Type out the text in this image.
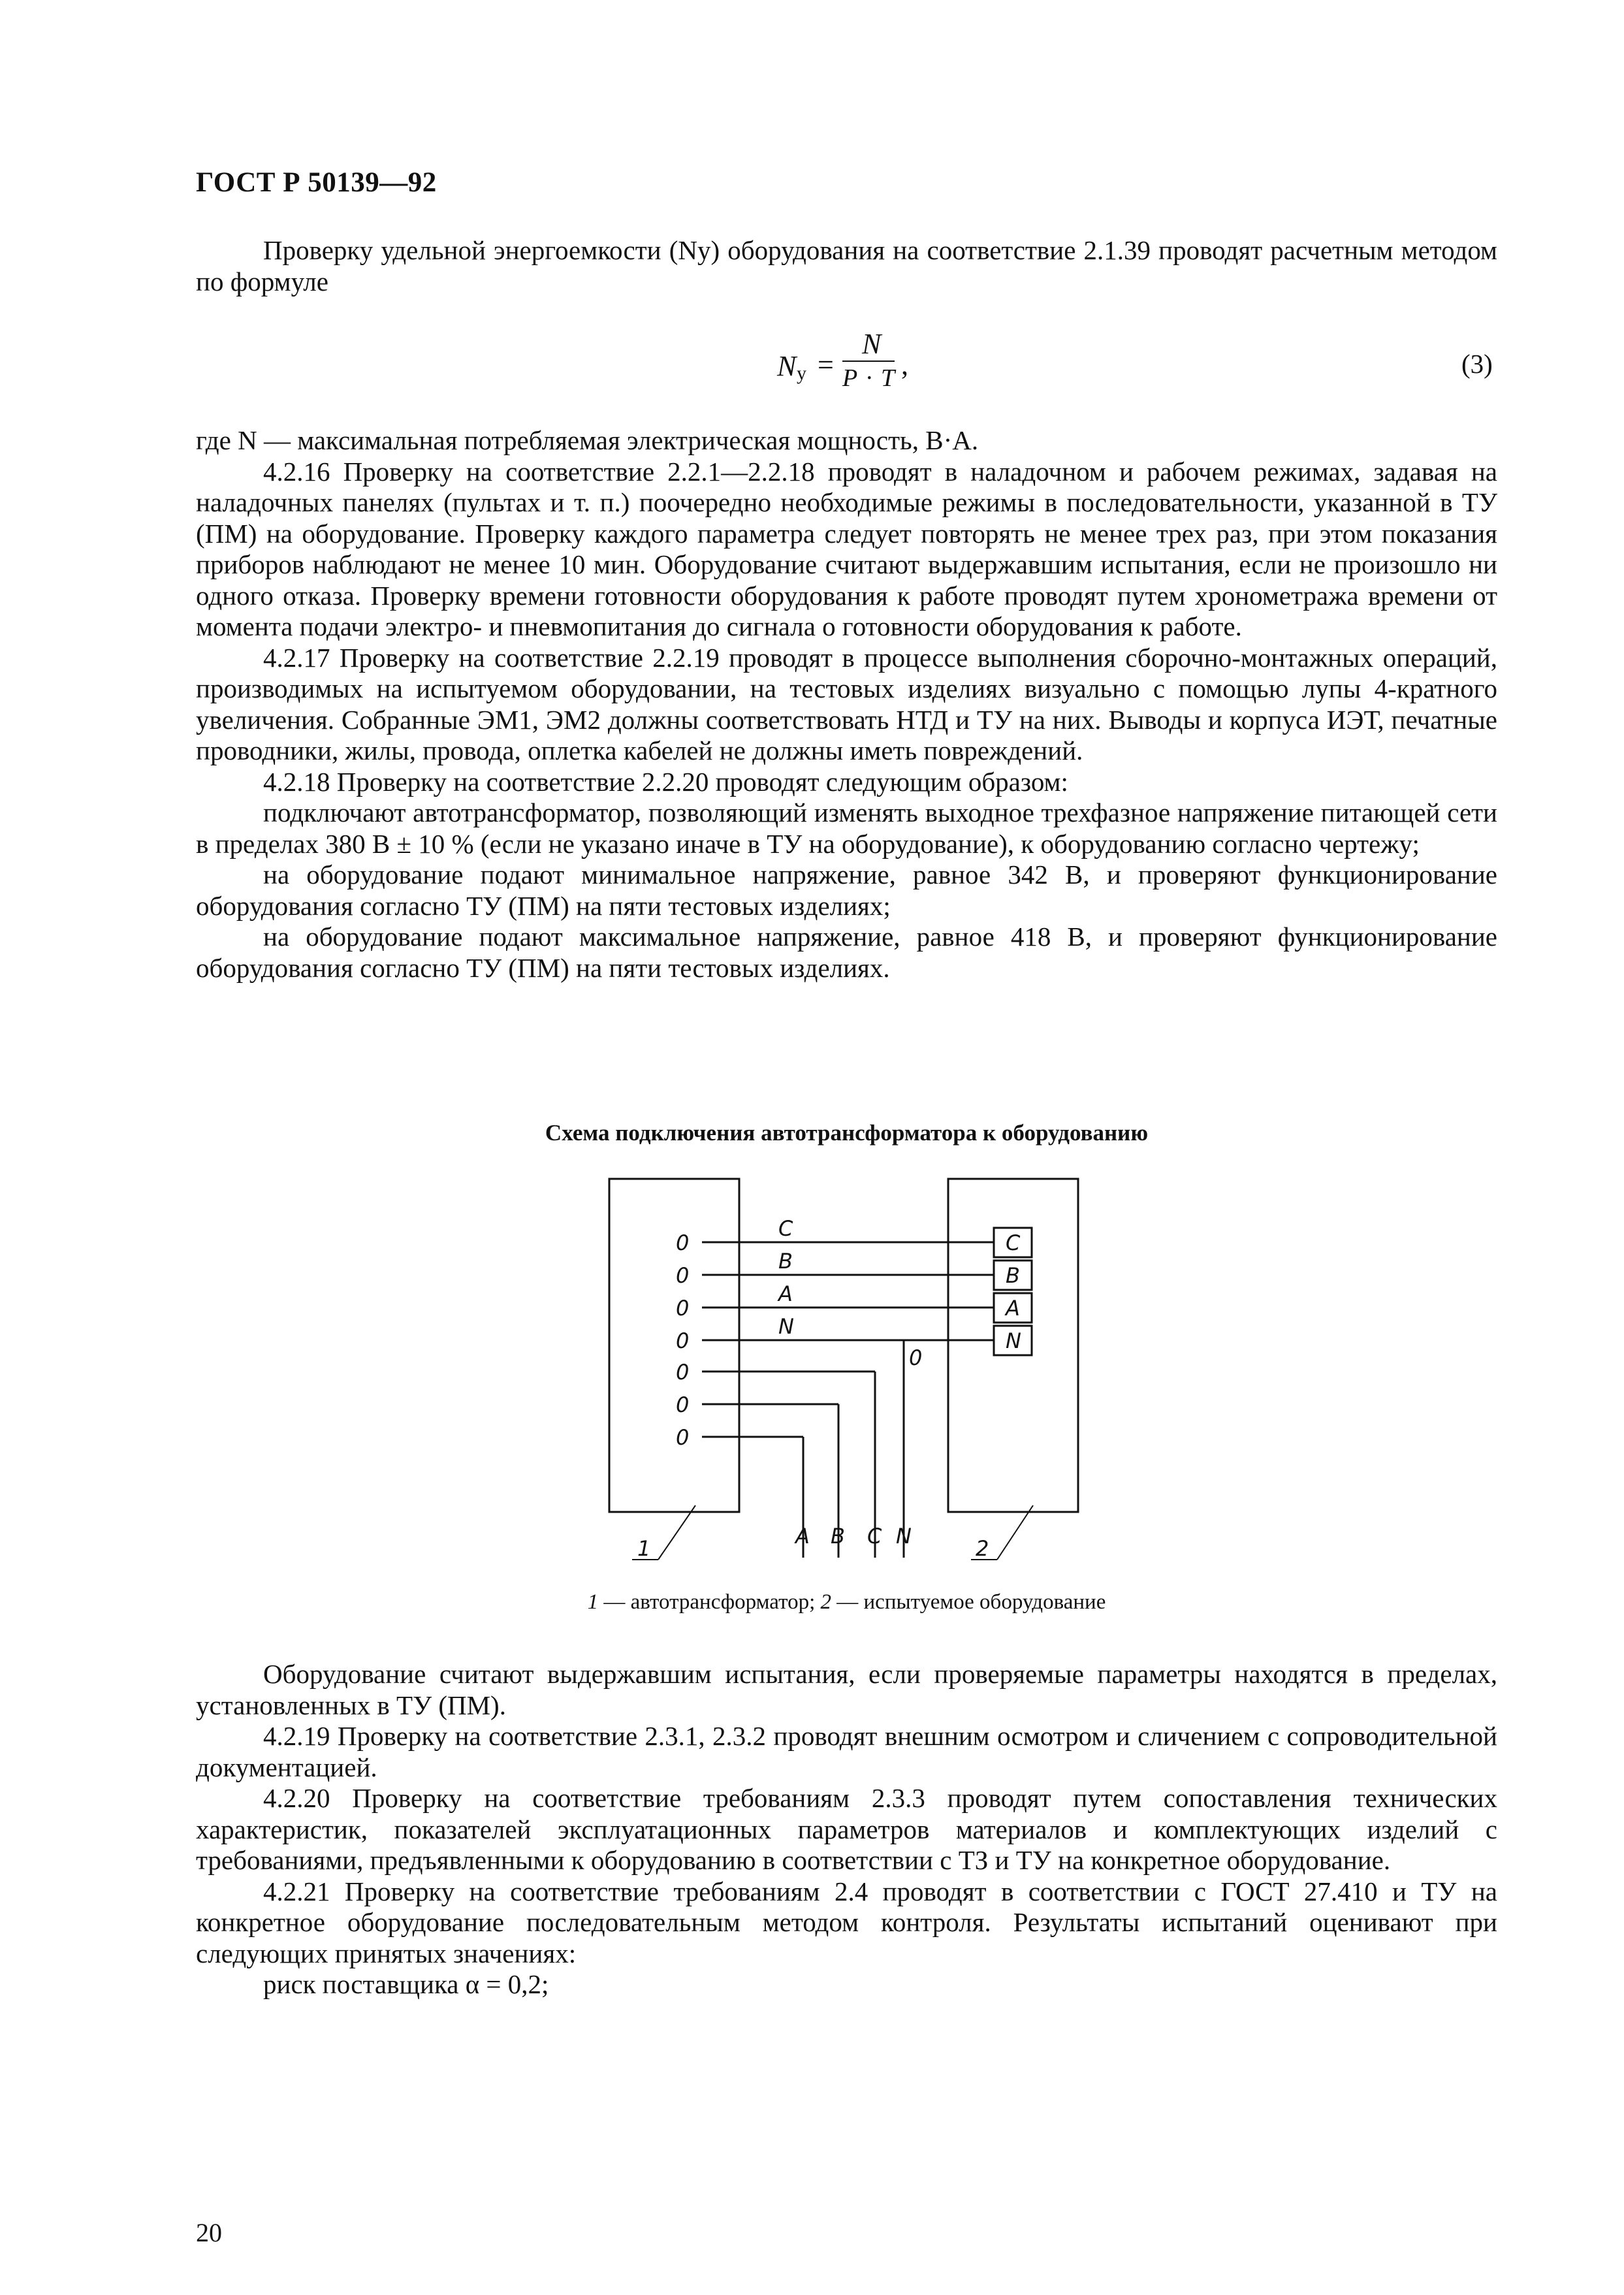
ГОСТ Р 50139—92

Проверку удельной энергоемкости (Nу) оборудования на соответствие 2.1.39 проводят расчетным методом по формуле

N у =
N
P · T ,	(3)

где N — максимальная потребляемая электрическая мощность, В·А.

4.2.16 Проверку на соответствие 2.2.1—2.2.18 проводят в наладочном и рабочем режимах, задавая на наладочных панелях (пультах и т. п.) поочередно необходимые режимы в последовательности, указанной в ТУ (ПМ) на оборудование. Проверку каждого параметра следует повторять не менее трех раз, при этом показания приборов наблюдают не менее 10 мин. Оборудование считают выдержавшим испытания, если не произошло ни одного отказа. Проверку времени готовности оборудования к работе проводят путем хронометража времени от момента подачи электро- и пневмопитания до сигнала о готовности оборудования к работе.

4.2.17 Проверку на соответствие 2.2.19 проводят в процессе выполнения сборочно-монтажных операций, производимых на испытуемом оборудовании, на тестовых изделиях визуально с помощью лупы 4-кратного увеличения. Собранные ЭМ1, ЭМ2 должны соответствовать НТД и ТУ на них. Выводы и корпуса ИЭТ, печатные проводники, жилы, провода, оплетка кабелей не должны иметь повреждений.

4.2.18 Проверку на соответствие 2.2.20 проводят следующим образом:

подключают автотрансформатор, позволяющий изменять выходное трехфазное напряжение питающей сети в пределах 380 В ± 10 % (если не указано иначе в ТУ на оборудование), к оборудованию согласно чертежу;

на оборудование подают минимальное напряжение, равное 342 В, и проверяют функционирование оборудования согласно ТУ (ПМ) на пяти тестовых изделиях;

на оборудование подают максимальное напряжение, равное 418 В, и проверяют функционирование оборудования согласно ТУ (ПМ) на пяти тестовых изделиях.

Схема подключения автотрансформатора к оборудованию
0
0
0
0
0
0
0
C
B
A
N
C
B
A
N
0
A B C N
1	2
1 — автотрансформатор; 2 — испытуемое оборудование

Оборудование считают выдержавшим испытания, если проверяемые параметры находятся в пределах, установленных в ТУ (ПМ).

4.2.19 Проверку на соответствие 2.3.1, 2.3.2 проводят внешним осмотром и сличением с сопроводительной документацией.

4.2.20 Проверку на соответствие требованиям 2.3.3 проводят путем сопоставления технических характеристик, показателей эксплуатационных параметров материалов и комплектующих изделий с требованиями, предъявленными к оборудованию в соответствии с ТЗ и ТУ на конкретное оборудование.

4.2.21 Проверку на соответствие требованиям 2.4 проводят в соответствии с ГОСТ 27.410 и ТУ на конкретное оборудование последовательным методом контроля. Результаты испытаний оценивают при следующих принятых значениях:

риск поставщика α = 0,2;

20
